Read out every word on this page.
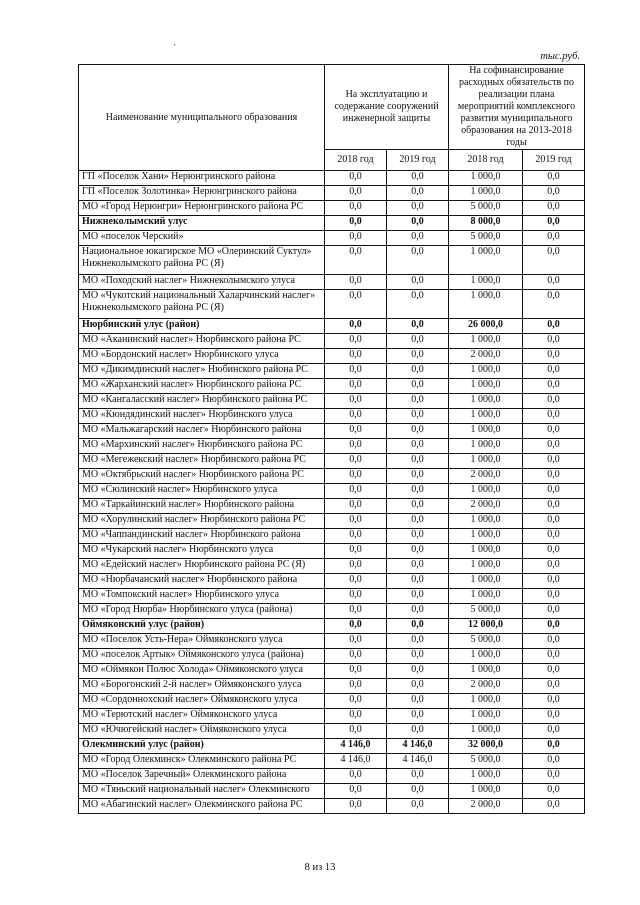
·
тыс.руб.
Наименование муниципального образования	На эксплуатацию и содержание сооружений инженерной защиты		На софинансирование расходных обязательств по реализации плана мероприятий комплексного развития муниципального образования на 2013-2018 годы	
	2018 год	2019 год	2018 год	2019 год
ГП «Поселок Хани» Нерюнгринского района	0,0	0,0	1 000,0	0,0
ГП «Поселок Золотинка» Нерюнгринского района	0,0	0,0	1 000,0	0,0
МО «Город Нерюнгри» Нерюнгринского района РС	0,0	0,0	5 000,0	0,0
Нижнеколымский улус	0,0	0,0	8 000,0	0,0
МО «поселок Черский»	0,0	0,0	5 000,0	0,0
Национальное юкагирское МО «Олеринский Суктул» Нижнеколымского района РС (Я)	0,0	0,0	1 000,0	0,0
МО «Походский наслег» Нижнеколымского улуса	0,0	0,0	1 000,0	0,0
МО «Чукотский национальный Халарчинский наслег» Нижнеколымского района РС (Я)	0,0	0,0	1 000,0	0,0
Нюрбинский улус (район)	0,0	0,0	26 000,0	0,0
МО «Аканинский наслег» Нюрбинского района РС	0,0	0,0	1 000,0	0,0
МО «Бордонский наслег» Нюрбинского улуса	0,0	0,0	2 000,0	0,0
МО «Дикимдинский наслег» Нюбинского района РС	0,0	0,0	1 000,0	0,0
МО «Жарханский наслег» Нюрбинского района РС	0,0	0,0	1 000,0	0,0
МО «Кангаласский наслег» Нюрбинского района РС	0,0	0,0	1 000,0	0,0
МО «Кюндядинский наслег» Нюрбинского улуса	0,0	0,0	1 000,0	0,0
МО «Мальжагарский наслег» Нюрбинского района	0,0	0,0	1 000,0	0,0
МО «Мархинский наслег» Нюрбинского района РС	0,0	0,0	1 000,0	0,0
МО «Мегежекский наслег» Нюрбинского района РС	0,0	0,0	1 000,0	0,0
МО «Октябрьский наслег» Нюрбинского района РС	0,0	0,0	2 000,0	0,0
МО «Сюлинский наслег» Нюрбинского улуса	0,0	0,0	1 000,0	0,0
МО «Таркайинский наслег» Нюрбинского района	0,0	0,0	2 000,0	0,0
МО «Хорулинский наслег» Нюрбинского района РС	0,0	0,0	1 000,0	0,0
МО «Чаппандинский наслег» Нюрбинского района	0,0	0,0	1 000,0	0,0
МО «Чукарский наслег» Нюрбинского улуса	0,0	0,0	1 000,0	0,0
МО «Едейский наслег» Нюрбинского района РС (Я)	0,0	0,0	1 000,0	0,0
МО «Нюрбачанский наслег» Нюрбинского района	0,0	0,0	1 000,0	0,0
МО «Томпокский наслег» Нюрбинского улуса	0,0	0,0	1 000,0	0,0
МО «Город Нюрба» Нюрбинского улуса (района)	0,0	0,0	5 000,0	0,0
Оймяконский улус (район)	0,0	0,0	12 000,0	0,0
МО «Поселок Усть-Нера» Оймяконского улуса	0,0	0,0	5 000,0	0,0
МО «поселок Артык» Оймяконского улуса (района)	0,0	0,0	1 000,0	0,0
МО «Оймякон Полюс Холода» Оймяконского улуса	0,0	0,0	1 000,0	0,0
МО «Борогонский 2-й наслег» Оймяконского улуса	0,0	0,0	2 000,0	0,0
МО «Сордонноxский наслег» Оймяконского улуса	0,0	0,0	1 000,0	0,0
МО «Терютский наслег» Оймяконского улуса	0,0	0,0	1 000,0	0,0
МО «Ючюгейский наслег» Оймяконского улуса	0,0	0,0	1 000,0	0,0
Олекминский улус (район)	4 146,0	4 146,0	32 000,0	0,0
МО «Город Олекминск» Олекминского района РС	4 146,0	4 146,0	5 000,0	0,0
МО «Поселок Заречный» Олекминского района	0,0	0,0	1 000,0	0,0
МО «Тяньский национальный наслег» Олекминского	0,0	0,0	1 000,0	0,0
МО «Абагинский наслег» Олекминского района РС	0,0	0,0	2 000,0	0,0
8 из 13
